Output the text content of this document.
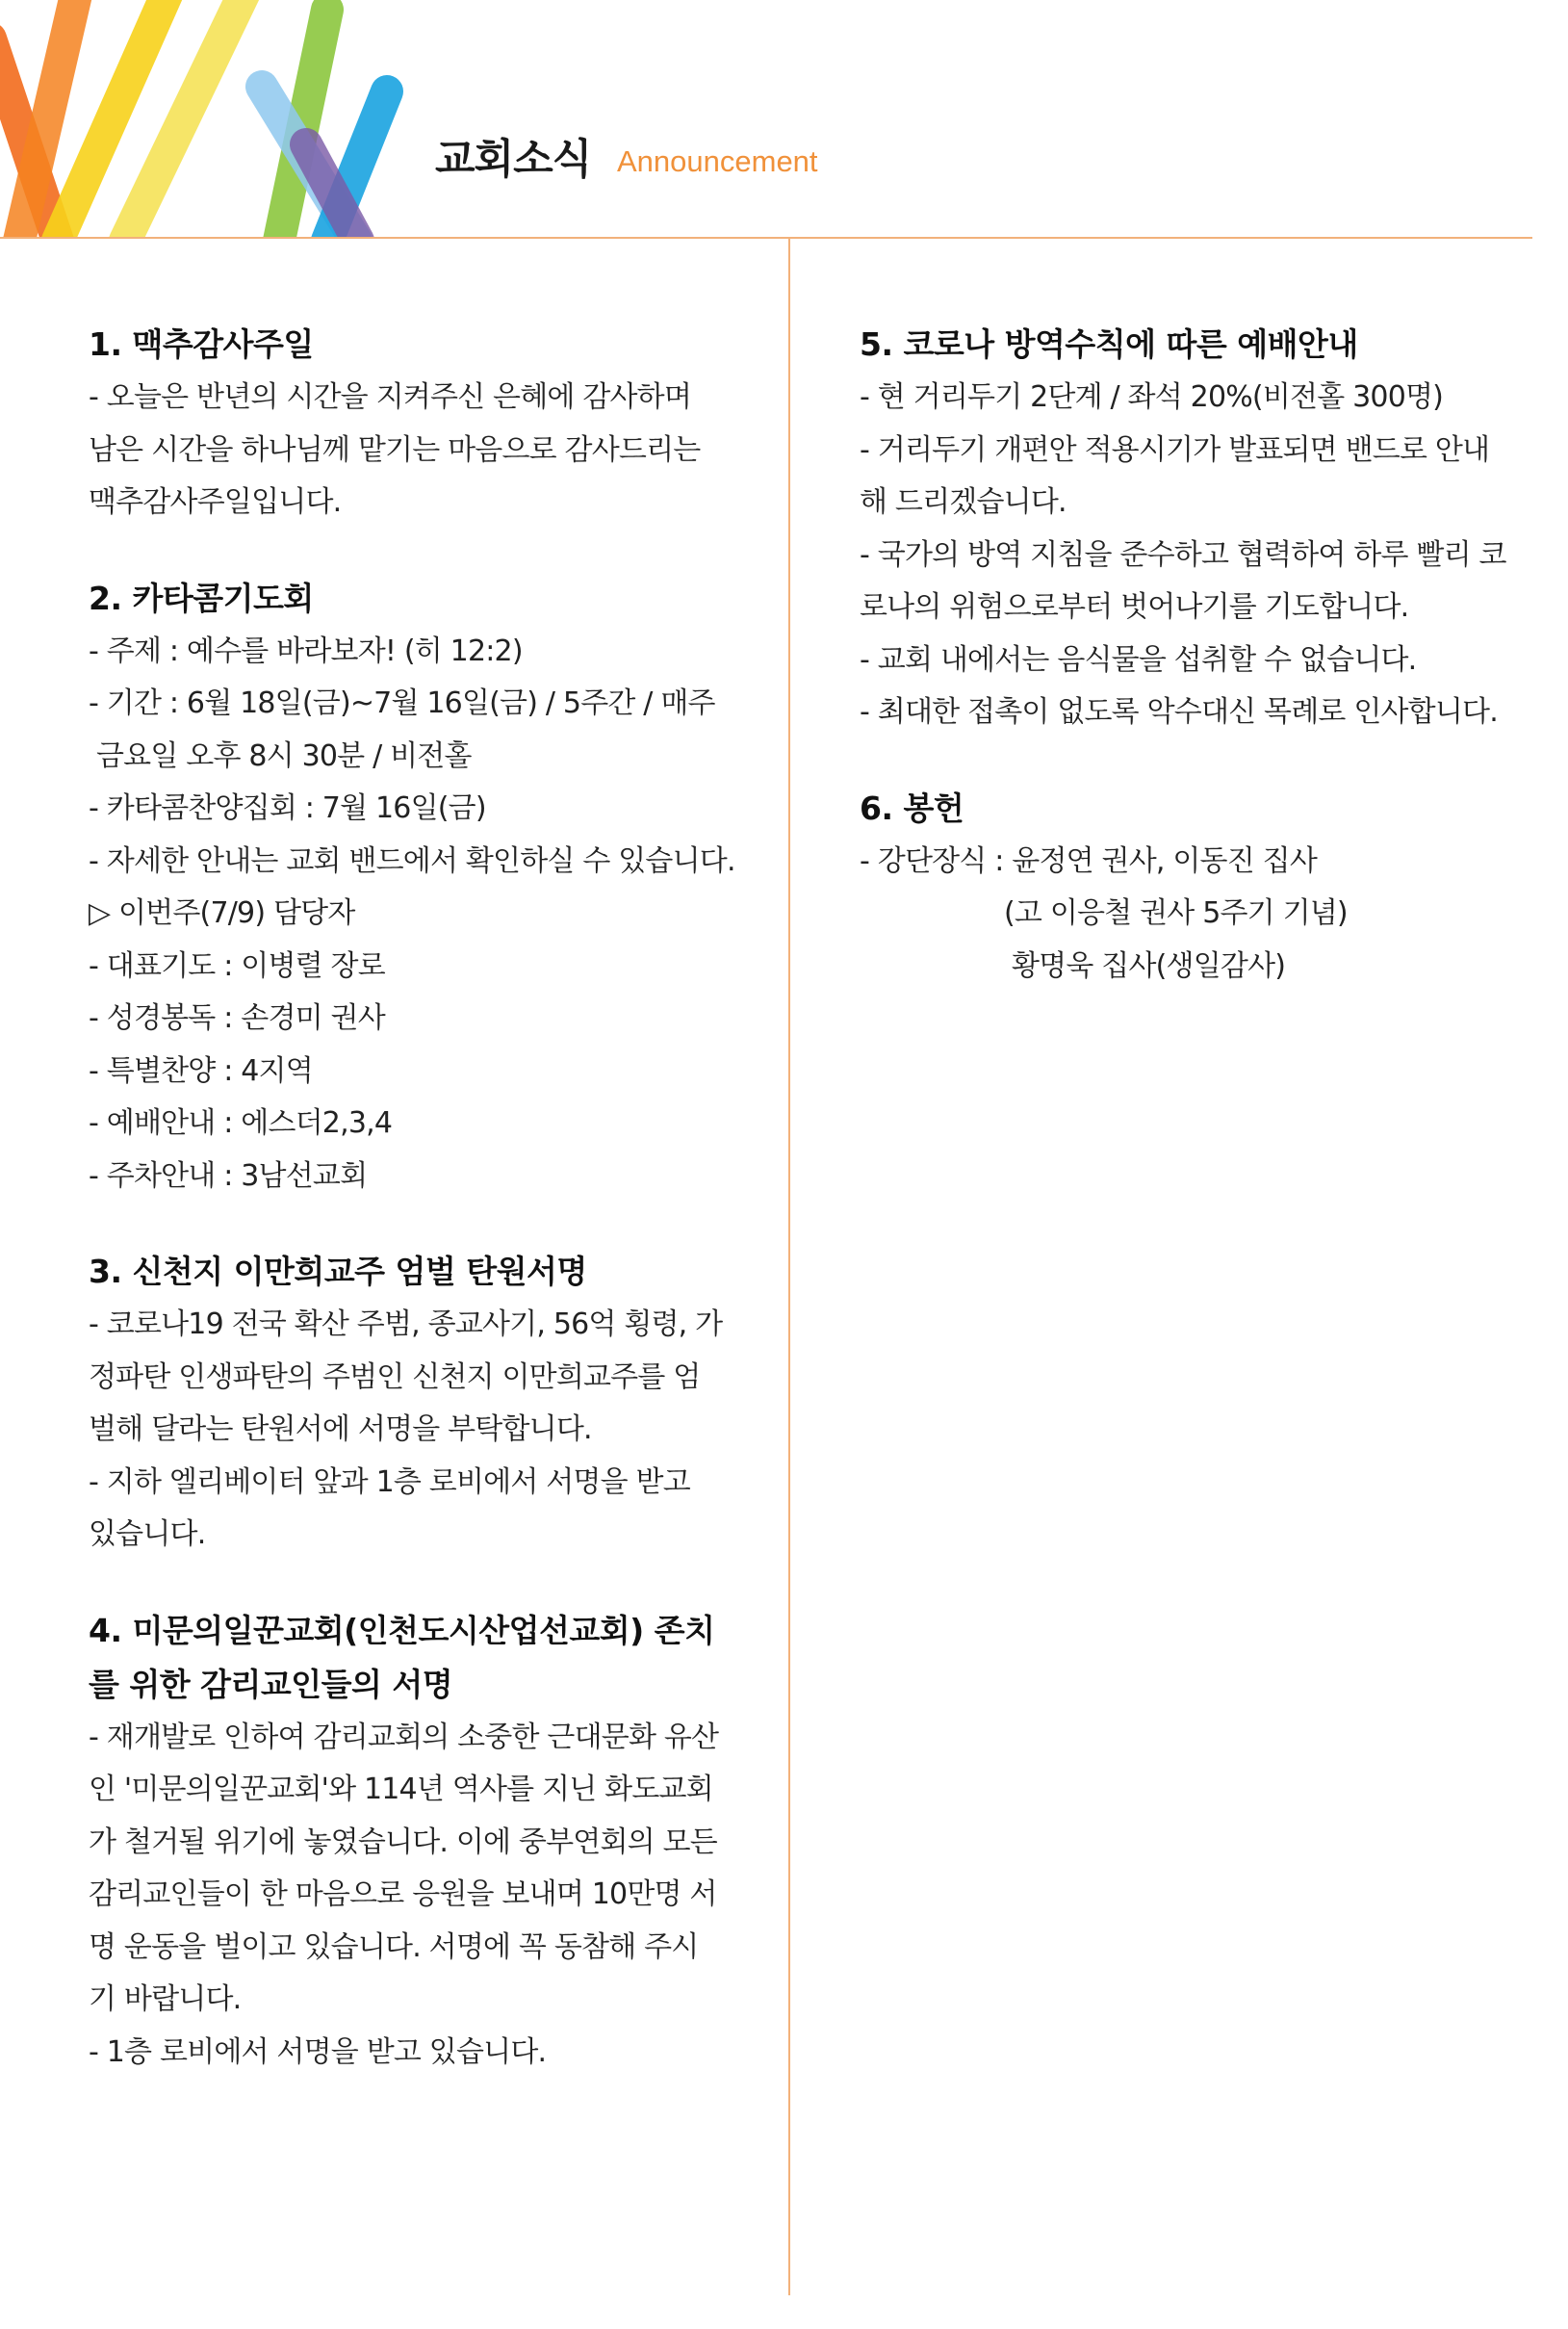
교회소식 Announcement

1. 맥추감사주일

- 오늘은 반년의 시간을 지켜주신 은혜에 감사하며 남은 시간을 하나님께 맡기는 마음으로 감사드리는 맥추감사주일입니다.

2. 카타콤기도회

- 주제 : 예수를 바라보자! (히 12:2)

- 기간 : 6월 18일(금)~7월 16일(금) / 5주간 / 매주

금요일 오후 8시 30분 / 비전홀

- 카타콤찬양집회 : 7월 16일(금)

- 자세한 안내는 교회 밴드에서 확인하실 수 있습니다.

▷ 이번주(7/9) 담당자

- 대표기도 : 이병렬 장로

- 성경봉독 : 손경미 권사

- 특별찬양 : 4지역

- 예배안내 : 에스더2,3,4

- 주차안내 : 3남선교회

3. 신천지 이만희교주 엄벌 탄원서명

- 코로나19 전국 확산 주범, 종교사기, 56억 횡령, 가정파탄 인생파탄의 주범인 신천지 이만희교주를 엄벌해 달라는 탄원서에 서명을 부탁합니다.

- 지하 엘리베이터 앞과 1층 로비에서 서명을 받고 있습니다.

4. 미문의일꾼교회(인천도시산업선교회) 존치를 위한 감리교인들의 서명

- 재개발로 인하여 감리교회의 소중한 근대문화 유산인 '미문의일꾼교회'와 114년 역사를 지닌 화도교회가 철거될 위기에 놓였습니다. 이에 중부연회의 모든 감리교인들이 한 마음으로 응원을 보내며 10만명 서명 운동을 벌이고 있습니다. 서명에 꼭 동참해 주시기 바랍니다.

- 1층 로비에서 서명을 받고 있습니다.

5. 코로나 방역수칙에 따른 예배안내

- 현 거리두기 2단계 / 좌석 20%(비전홀 300명)

- 거리두기 개편안 적용시기가 발표되면 밴드로 안내해 드리겠습니다.

- 국가의 방역 지침을 준수하고 협력하여 하루 빨리 코로나의 위험으로부터 벗어나기를 기도합니다.

- 교회 내에서는 음식물을 섭취할 수 없습니다.

- 최대한 접촉이 없도록 악수대신 목례로 인사합니다.

6. 봉헌

- 강단장식 : 윤정연 권사, 이동진 집사

(고 이응철 권사 5주기 기념)

황명욱 집사(생일감사)
